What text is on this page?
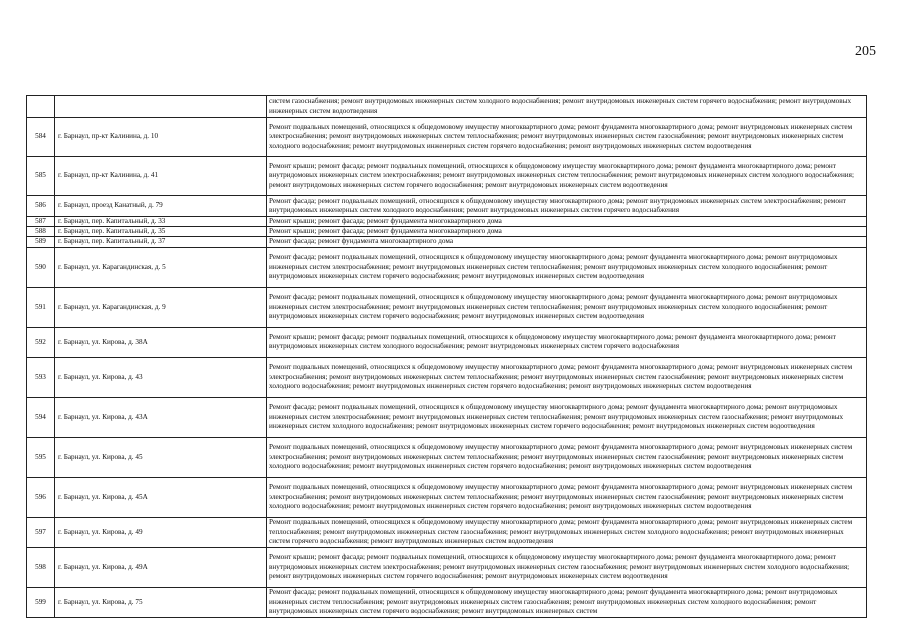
205
		систем газоснабжения; ремонт внутридомовых инженерных систем холодного водоснабжения; ремонт внутридомовых инженерных систем горячего водоснабжения; ремонт внутридомовых инженерных систем водоотведения
584	г. Барнаул, пр-кт Калинина, д. 10	Ремонт подвальных помещений, относящихся к общедомовому имуществу многоквартирного дома; ремонт фундамента многоквартирного дома; ремонт внутридомовых инженерных систем электроснабжения; ремонт внутридомовых инженерных систем теплоснабжения; ремонт внутридомовых инженерных систем газоснабжения; ремонт внутридомовых инженерных систем холодного водоснабжения; ремонт внутридомовых инженерных систем горячего водоснабжения; ремонт внутридомовых инженерных систем водоотведения
585	г. Барнаул, пр-кт Калинина, д. 41	Ремонт крыши; ремонт фасада; ремонт подвальных помещений, относящихся к общедомовому имуществу многоквартирного дома; ремонт фундамента многоквартирного дома; ремонт внутридомовых инженерных систем электроснабжения; ремонт внутридомовых инженерных систем теплоснабжения; ремонт внутридомовых инженерных систем холодного водоснабжения; ремонт внутридомовых инженерных систем горячего водоснабжения; ремонт внутридомовых инженерных систем водоотведения
586	г. Барнаул, проезд Канатный, д. 79	Ремонт фасада; ремонт подвальных помещений, относящихся к общедомовому имуществу многоквартирного дома; ремонт внутридомовых инженерных систем электроснабжения; ремонт внутридомовых инженерных систем холодного водоснабжения; ремонт внутридомовых инженерных систем горячего водоснабжения
587	г. Барнаул, пер. Капитальный, д. 33	Ремонт крыши; ремонт фасада; ремонт фундамента многоквартирного дома
588	г. Барнаул, пер. Капитальный, д. 35	Ремонт крыши; ремонт фасада; ремонт фундамента многоквартирного дома
589	г. Барнаул, пер. Капитальный, д. 37	Ремонт фасада; ремонт фундамента многоквартирного дома
590	г. Барнаул, ул. Карагандинская, д. 5	Ремонт фасада; ремонт подвальных помещений, относящихся к общедомовому имуществу многоквартирного дома; ремонт фундамента многоквартирного дома; ремонт внутридомовых инженерных систем электроснабжения; ремонт внутридомовых инженерных систем теплоснабжения; ремонт внутридомовых инженерных систем холодного водоснабжения; ремонт внутридомовых инженерных систем горячего водоснабжения; ремонт внутридомовых инженерных систем водоотведения
591	г. Барнаул, ул. Карагандинская, д. 9	Ремонт фасада; ремонт подвальных помещений, относящихся к общедомовому имуществу многоквартирного дома; ремонт фундамента многоквартирного дома; ремонт внутридомовых инженерных систем электроснабжения; ремонт внутридомовых инженерных систем теплоснабжения; ремонт внутридомовых инженерных систем холодного водоснабжения; ремонт внутридомовых инженерных систем горячего водоснабжения; ремонт внутридомовых инженерных систем водоотведения
592	г. Барнаул, ул. Кирова, д. 38А	Ремонт крыши; ремонт фасада; ремонт подвальных помещений, относящихся к общедомовому имуществу многоквартирного дома; ремонт фундамента многоквартирного дома; ремонт внутридомовых инженерных систем холодного водоснабжения; ремонт внутридомовых инженерных систем горячего водоснабжения
593	г. Барнаул, ул. Кирова, д. 43	Ремонт подвальных помещений, относящихся к общедомовому имуществу многоквартирного дома; ремонт фундамента многоквартирного дома; ремонт внутридомовых инженерных систем электроснабжения; ремонт внутридомовых инженерных систем теплоснабжения; ремонт внутридомовых инженерных систем газоснабжения; ремонт внутридомовых инженерных систем холодного водоснабжения; ремонт внутридомовых инженерных систем горячего водоснабжения; ремонт внутридомовых инженерных систем водоотведения
594	г. Барнаул, ул. Кирова, д. 43А	Ремонт фасада; ремонт подвальных помещений, относящихся к общедомовому имуществу многоквартирного дома; ремонт фундамента многоквартирного дома; ремонт внутридомовых инженерных систем электроснабжения; ремонт внутридомовых инженерных систем теплоснабжения; ремонт внутридомовых инженерных систем газоснабжения; ремонт внутридомовых инженерных систем холодного водоснабжения; ремонт внутридомовых инженерных систем горячего водоснабжения; ремонт внутридомовых инженерных систем водоотведения
595	г. Барнаул, ул. Кирова, д. 45	Ремонт подвальных помещений, относящихся к общедомовому имуществу многоквартирного дома; ремонт фундамента многоквартирного дома; ремонт внутридомовых инженерных систем электроснабжения; ремонт внутридомовых инженерных систем теплоснабжения; ремонт внутридомовых инженерных систем газоснабжения; ремонт внутридомовых инженерных систем холодного водоснабжения; ремонт внутридомовых инженерных систем горячего водоснабжения; ремонт внутридомовых инженерных систем водоотведения
596	г. Барнаул, ул. Кирова, д. 45А	Ремонт подвальных помещений, относящихся к общедомовому имуществу многоквартирного дома; ремонт фундамента многоквартирного дома; ремонт внутридомовых инженерных систем электроснабжения; ремонт внутридомовых инженерных систем теплоснабжения; ремонт внутридомовых инженерных систем газоснабжения; ремонт внутридомовых инженерных систем холодного водоснабжения; ремонт внутридомовых инженерных систем горячего водоснабжения; ремонт внутридомовых инженерных систем водоотведения
597	г. Барнаул, ул. Кирова, д. 49	Ремонт подвальных помещений, относящихся к общедомовому имуществу многоквартирного дома; ремонт фундамента многоквартирного дома; ремонт внутридомовых инженерных систем теплоснабжения; ремонт внутридомовых инженерных систем газоснабжения; ремонт внутридомовых инженерных систем холодного водоснабжения; ремонт внутридомовых инженерных систем горячего водоснабжения; ремонт внутридомовых инженерных систем водоотведения
598	г. Барнаул, ул. Кирова, д. 49А	Ремонт крыши; ремонт фасада; ремонт подвальных помещений, относящихся к общедомовому имуществу многоквартирного дома; ремонт фундамента многоквартирного дома; ремонт внутридомовых инженерных систем электроснабжения; ремонт внутридомовых инженерных систем газоснабжения; ремонт внутридомовых инженерных систем холодного водоснабжения; ремонт внутридомовых инженерных систем горячего водоснабжения; ремонт внутридомовых инженерных систем водоотведения
599	г. Барнаул, ул. Кирова, д. 75	Ремонт фасада; ремонт подвальных помещений, относящихся к общедомовому имуществу многоквартирного дома; ремонт фундамента многоквартирного дома; ремонт внутридомовых инженерных систем теплоснабжения; ремонт внутридомовых инженерных систем газоснабжения; ремонт внутридомовых инженерных систем холодного водоснабжения; ремонт внутридомовых инженерных систем горячего водоснабжения; ремонт внутридомовых инженерных систем
